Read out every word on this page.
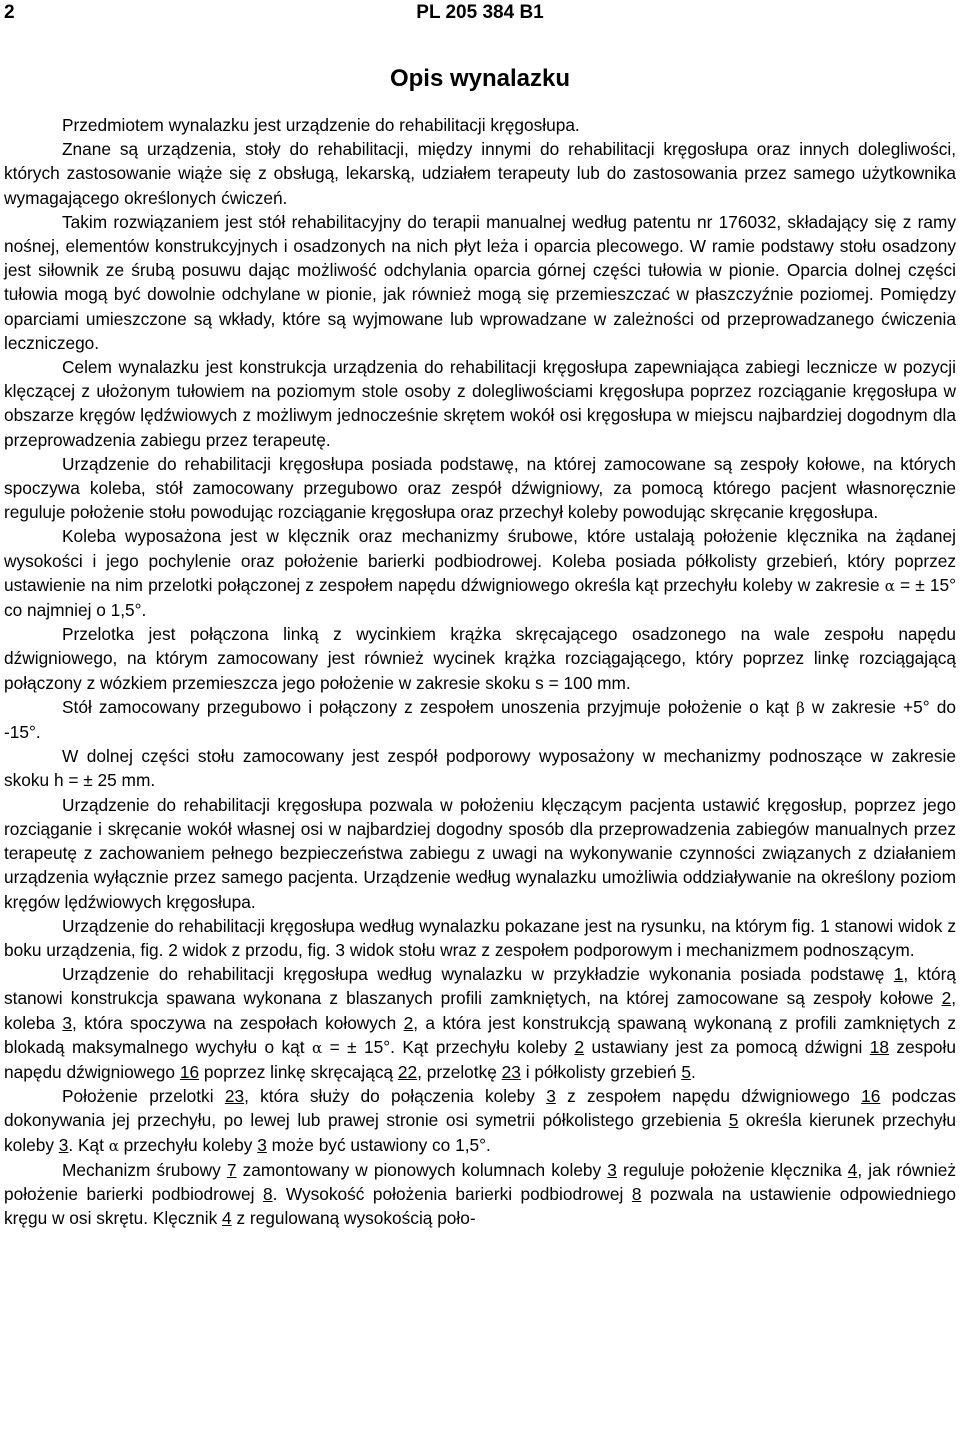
2	PL 205 384 B1
Opis wynalazku

Przedmiotem wynalazku jest urządzenie do rehabilitacji kręgosłupa.

Znane są urządzenia, stoły do rehabilitacji, między innymi do rehabilitacji kręgosłupa oraz innych dolegliwości, których zastosowanie wiąże się z obsługą, lekarską, udziałem terapeuty lub do zastosowania przez samego użytkownika wymagającego określonych ćwiczeń.

Takim rozwiązaniem jest stół rehabilitacyjny do terapii manualnej według patentu nr 176032, składający się z ramy nośnej, elementów konstrukcyjnych i osadzonych na nich płyt leża i oparcia plecowego. W ramie podstawy stołu osadzony jest siłownik ze śrubą posuwu dając możliwość odchylania oparcia górnej części tułowia w pionie. Oparcia dolnej części tułowia mogą być dowolnie odchylane w pionie, jak również mogą się przemieszczać w płaszczyźnie poziomej. Pomiędzy oparciami umieszczone są wkłady, które są wyjmowane lub wprowadzane w zależności od przeprowadzanego ćwiczenia leczniczego.

Celem wynalazku jest konstrukcja urządzenia do rehabilitacji kręgosłupa zapewniająca zabiegi lecznicze w pozycji klęczącej z ułożonym tułowiem na poziomym stole osoby z dolegliwościami kręgosłupa poprzez rozciąganie kręgosłupa w obszarze kręgów lędźwiowych z możliwym jednocześnie skrętem wokół osi kręgosłupa w miejscu najbardziej dogodnym dla przeprowadzenia zabiegu przez terapeutę.

Urządzenie do rehabilitacji kręgosłupa posiada podstawę, na której zamocowane są zespoły kołowe, na których spoczywa koleba, stół zamocowany przegubowo oraz zespół dźwigniowy, za pomocą którego pacjent własnoręcznie reguluje położenie stołu powodując rozciąganie kręgosłupa oraz przechył koleby powodując skręcanie kręgosłupa.

Koleba wyposażona jest w klęcznik oraz mechanizmy śrubowe, które ustalają położenie klęcznika na żądanej wysokości i jego pochylenie oraz położenie barierki podbiodrowej. Koleba posiada półkolisty grzebień, który poprzez ustawienie na nim przelotki połączonej z zespołem napędu dźwigniowego określa kąt przechyłu koleby w zakresie α = ± 15° co najmniej o 1,5°.

Przelotka jest połączona linką z wycinkiem krążka skręcającego osadzonego na wale zespołu napędu dźwigniowego, na którym zamocowany jest również wycinek krążka rozciągającego, który poprzez linkę rozciągającą połączony z wózkiem przemieszcza jego położenie w zakresie skoku s = 100 mm.

Stół zamocowany przegubowo i połączony z zespołem unoszenia przyjmuje położenie o kąt β w zakresie +5° do -15°.

W dolnej części stołu zamocowany jest zespół podporowy wyposażony w mechanizmy podnoszące w zakresie skoku h = ± 25 mm.

Urządzenie do rehabilitacji kręgosłupa pozwala w położeniu klęczącym pacjenta ustawić kręgosłup, poprzez jego rozciąganie i skręcanie wokół własnej osi w najbardziej dogodny sposób dla przeprowadzenia zabiegów manualnych przez terapeutę z zachowaniem pełnego bezpieczeństwa zabiegu z uwagi na wykonywanie czynności związanych z działaniem urządzenia wyłącznie przez samego pacjenta. Urządzenie według wynalazku umożliwia oddziaływanie na określony poziom kręgów lędźwiowych kręgosłupa.

Urządzenie do rehabilitacji kręgosłupa według wynalazku pokazane jest na rysunku, na którym fig. 1 stanowi widok z boku urządzenia, fig. 2 widok z przodu, fig. 3 widok stołu wraz z zespołem podporowym i mechanizmem podnoszącym.

Urządzenie do rehabilitacji kręgosłupa według wynalazku w przykładzie wykonania posiada podstawę 1, którą stanowi konstrukcja spawana wykonana z blaszanych profili zamkniętych, na której zamocowane są zespoły kołowe 2, koleba 3, która spoczywa na zespołach kołowych 2, a która jest konstrukcją spawaną wykonaną z profili zamkniętych z blokadą maksymalnego wychyłu o kąt α = ± 15°. Kąt przechyłu koleby 2 ustawiany jest za pomocą dźwigni 18 zespołu napędu dźwigniowego 16 poprzez linkę skręcającą 22, przelotkę 23 i półkolisty grzebień 5.

Położenie przelotki 23, która służy do połączenia koleby 3 z zespołem napędu dźwigniowego 16 podczas dokonywania jej przechyłu, po lewej lub prawej stronie osi symetrii półkolistego grzebienia 5 określa kierunek przechyłu koleby 3. Kąt α przechyłu koleby 3 może być ustawiony co 1,5°.

Mechanizm śrubowy 7 zamontowany w pionowych kolumnach koleby 3 reguluje położenie klęcznika 4, jak również położenie barierki podbiodrowej 8. Wysokość położenia barierki podbiodrowej 8 pozwala na ustawienie odpowiedniego kręgu w osi skrętu. Klęcznik 4 z regulowaną wysokością poło-
